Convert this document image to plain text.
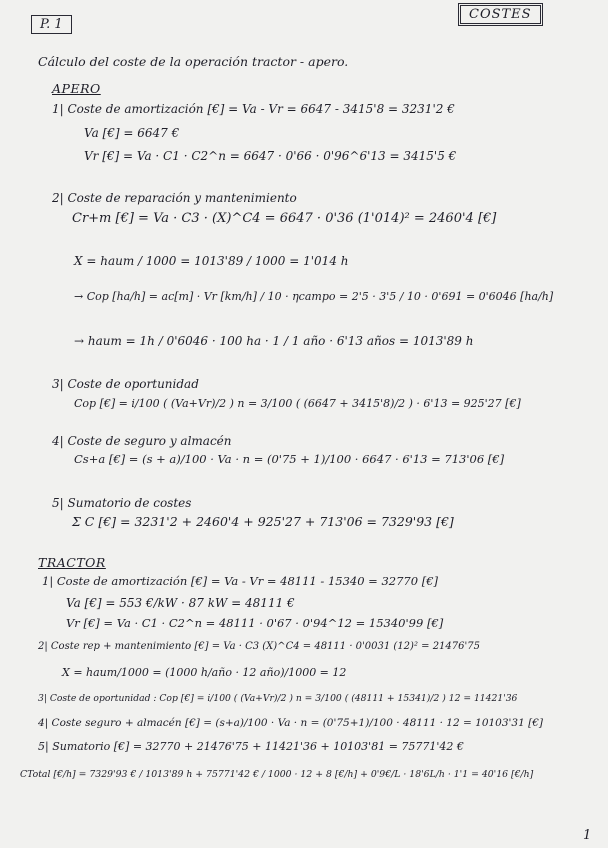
P. 1
COSTES
Cálculo del coste de la operación tractor - apero.
APERO
1| Coste de amortización [€] = Va - Vr = 6647 - 3415'8 = 3231'2 €
Va [€] = 6647 €
Vr [€] = Va · C1 · C2^n = 6647 · 0'66 · 0'96^6'13 = 3415'5 €
2| Coste de reparación y mantenimiento
Cr+m [€] = Va · C3 · (X)^C4 = 6647 · 0'36 (1'014)² = 2460'4 [€]
X = haum / 1000 = 1013'89 / 1000 = 1'014 h
→ Cop [ha/h] = ac[m] · Vr [km/h] / 10 · ηcampo = 2'5 · 3'5 / 10 · 0'691 = 0'6046 [ha/h]
→ haum = 1h / 0'6046 · 100 ha · 1 / 1 año · 6'13 años = 1013'89 h
3| Coste de oportunidad
Cop [€] = i/100 ( (Va+Vr)/2 ) n = 3/100 ( (6647 + 3415'8)/2 ) · 6'13 = 925'27 [€]
4| Coste de seguro y almacén
Cs+a [€] = (s + a)/100 · Va · n = (0'75 + 1)/100 · 6647 · 6'13 = 713'06 [€]
5| Sumatorio de costes
Σ C [€] = 3231'2 + 2460'4 + 925'27 + 713'06 = 7329'93 [€]
TRACTOR
1| Coste de amortización [€] = Va - Vr = 48111 - 15340 = 32770 [€]
Va [€] = 553 €/kW · 87 kW = 48111 €
Vr [€] = Va · C1 · C2^n = 48111 · 0'67 · 0'94^12 = 15340'99 [€]
2| Coste rep + mantenimiento [€] = Va · C3 (X)^C4 = 48111 · 0'0031 (12)² = 21476'75
X = haum/1000 = (1000 h/año · 12 año)/1000 = 12
3| Coste de oportunidad : Cop [€] = i/100 ( (Va+Vr)/2 ) n = 3/100 ( (48111 + 15341)/2 ) 12 = 11421'36
4| Coste seguro + almacén [€] = (s+a)/100 · Va · n = (0'75+1)/100 · 48111 · 12 = 10103'31 [€]
5| Sumatorio [€] = 32770 + 21476'75 + 11421'36 + 10103'81 = 75771'42 €
CTotal [€/h] = 7329'93 € / 1013'89 h + 75771'42 € / 1000 · 12 + 8 [€/h] + 0'9€/L · 18'6L/h · 1'1 = 40'16 [€/h]
1
